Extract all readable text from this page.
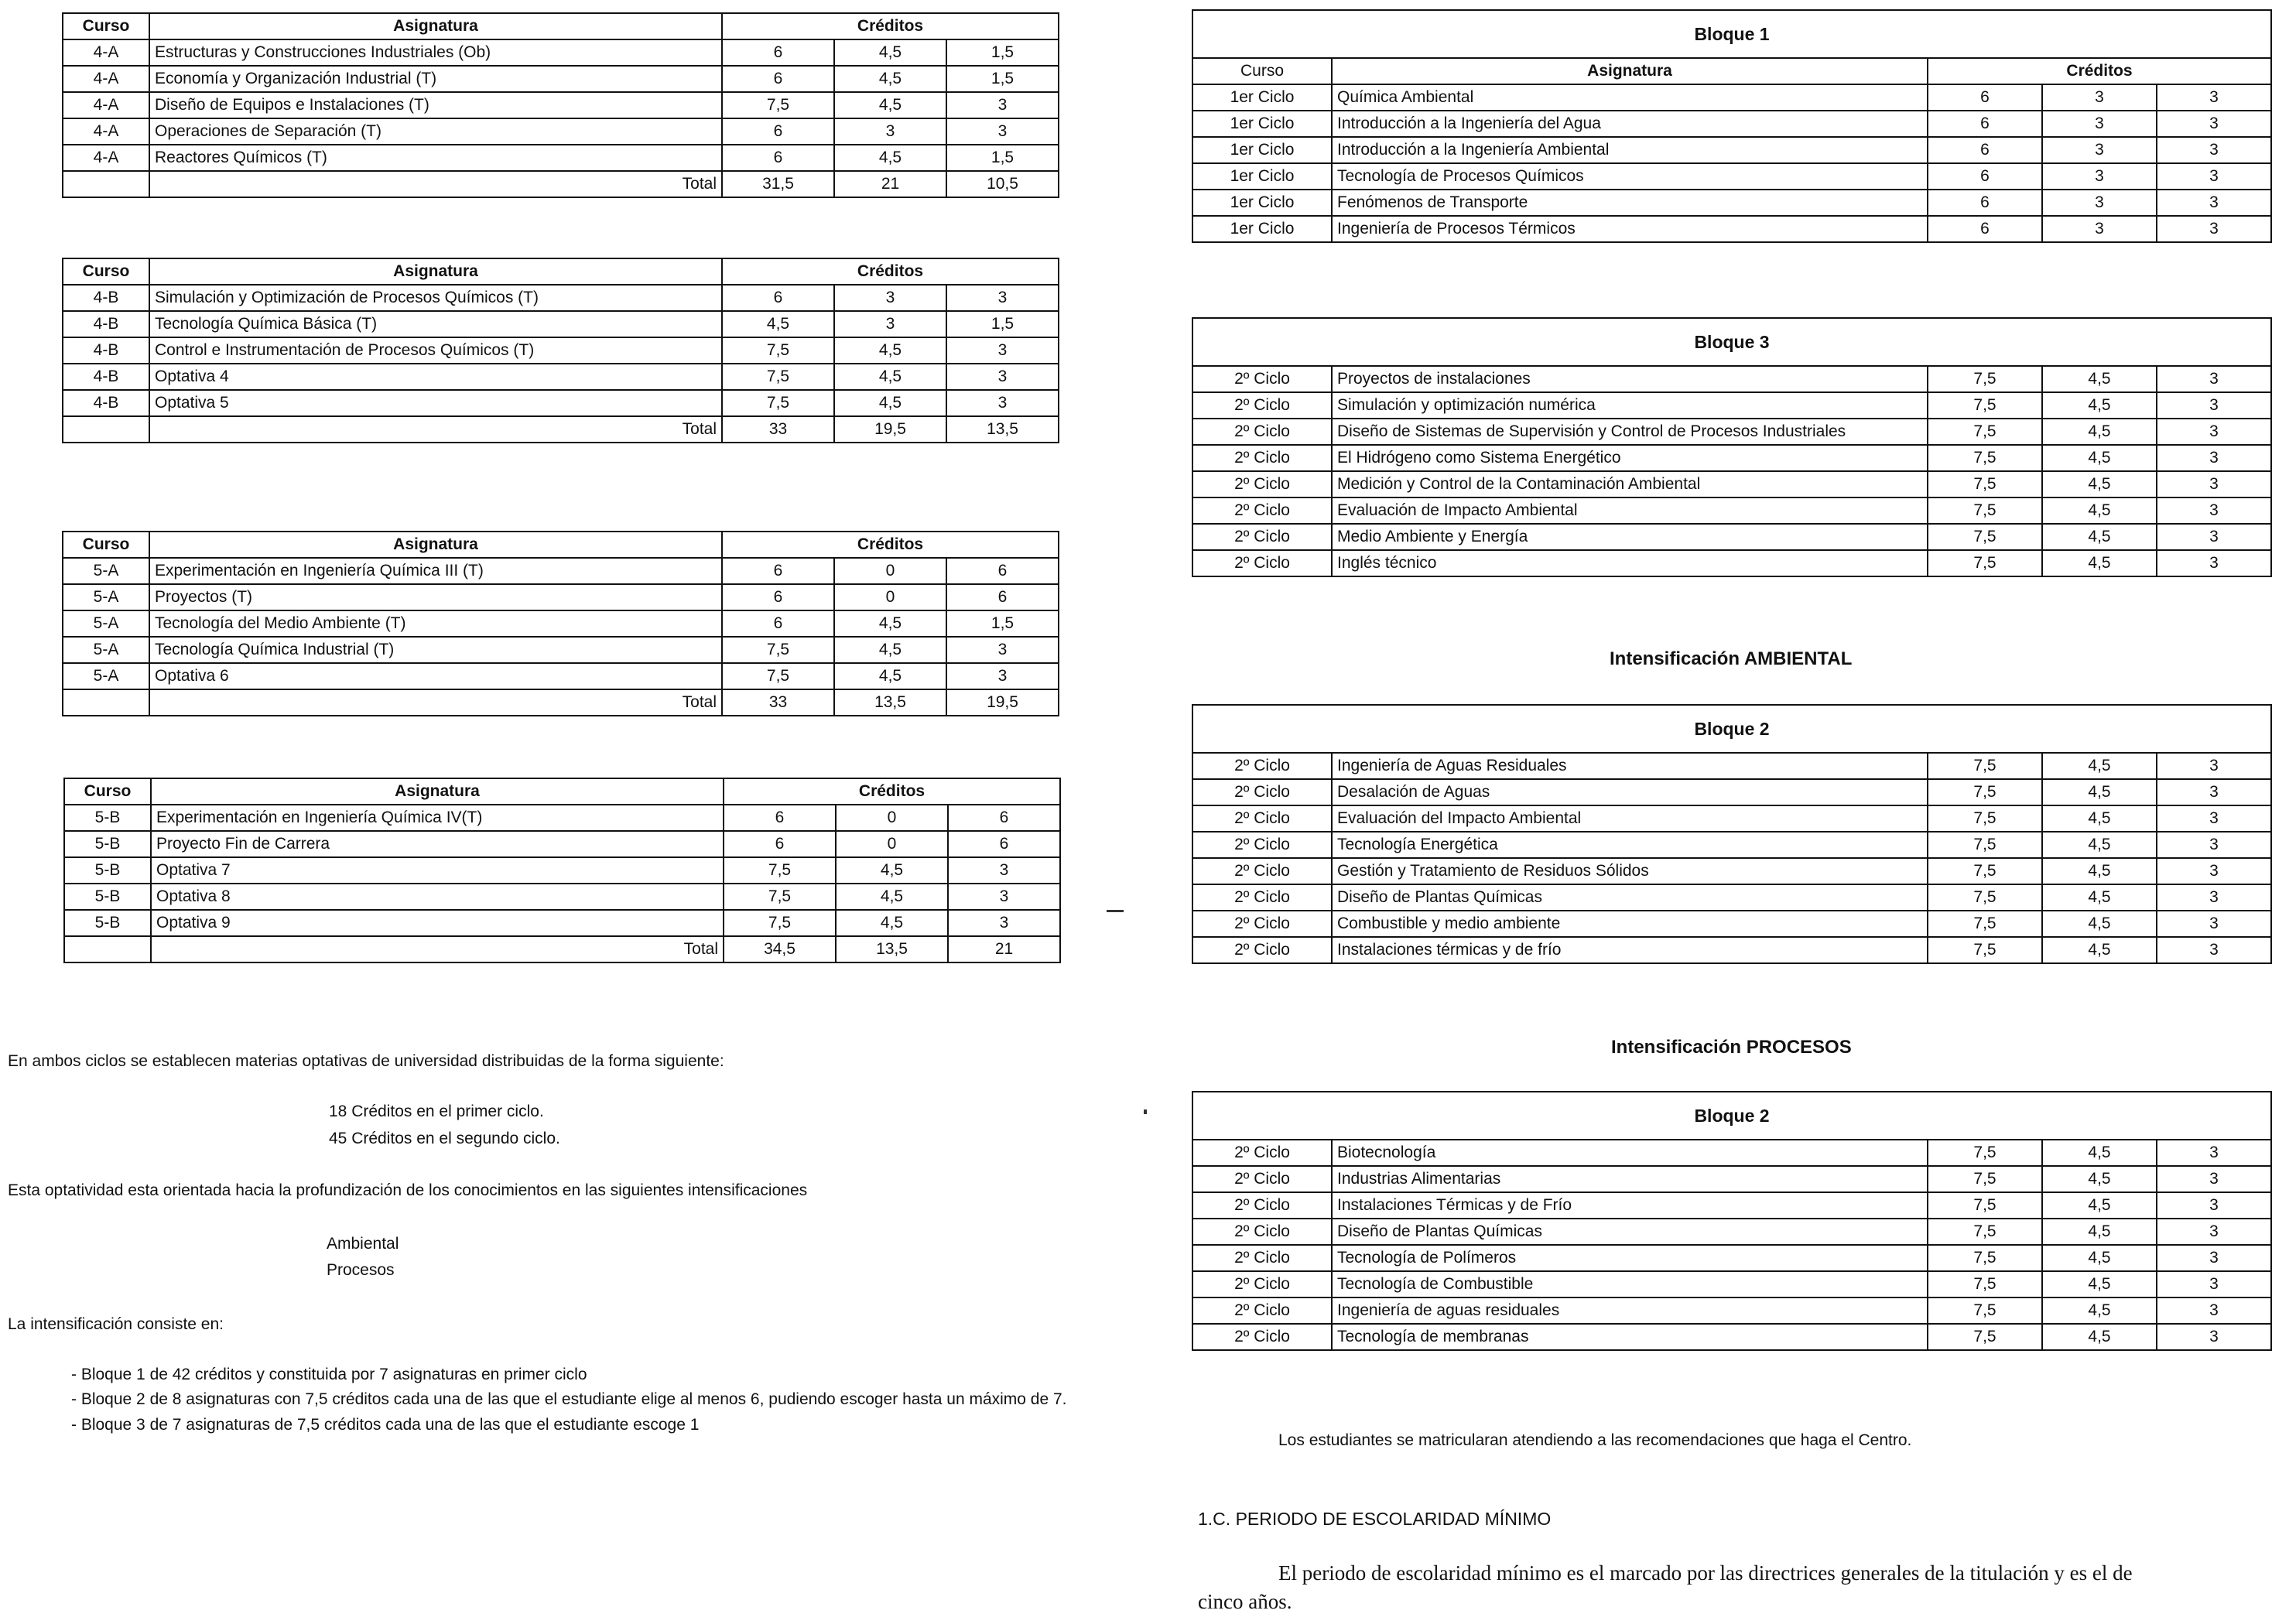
Curso	Asignatura	Créditos		
4-A	Estructuras y Construcciones Industriales (Ob)	6	4,5	1,5
4-A	Economía y Organización Industrial (T)	6	4,5	1,5
4-A	Diseño de Equipos e Instalaciones (T)	7,5	4,5	3
4-A	Operaciones de Separación (T)	6	3	3
4-A	Reactores Químicos (T)	6	4,5	1,5
	Total	31,5	21	10,5
Curso	Asignatura	Créditos		
4-B	Simulación y Optimización de Procesos Químicos (T)	6	3	3
4-B	Tecnología Química Básica (T)	4,5	3	1,5
4-B	Control e Instrumentación de Procesos Químicos (T)	7,5	4,5	3
4-B	Optativa 4	7,5	4,5	3
4-B	Optativa 5	7,5	4,5	3
	Total	33	19,5	13,5
Curso	Asignatura	Créditos		
5-A	Experimentación en Ingeniería Química III (T)	6	0	6
5-A	Proyectos (T)	6	0	6
5-A	Tecnología del Medio Ambiente (T)	6	4,5	1,5
5-A	Tecnología Química Industrial (T)	7,5	4,5	3
5-A	Optativa 6	7,5	4,5	3
	Total	33	13,5	19,5
Curso	Asignatura	Créditos		
5-B	Experimentación en Ingeniería Química IV(T)	6	0	6
5-B	Proyecto Fin de Carrera	6	0	6
5-B	Optativa 7	7,5	4,5	3
5-B	Optativa 8	7,5	4,5	3
5-B	Optativa 9	7,5	4,5	3
	Total	34,5	13,5	21
Bloque 1				
Curso	Asignatura	Créditos		
1er Ciclo	Química Ambiental	6	3	3
1er Ciclo	Introducción a la Ingeniería del Agua	6	3	3
1er Ciclo	Introducción a la Ingeniería Ambiental	6	3	3
1er Ciclo	Tecnología de Procesos Químicos	6	3	3
1er Ciclo	Fenómenos de Transporte	6	3	3
1er Ciclo	Ingeniería de Procesos Térmicos	6	3	3
Bloque 3				
2º Ciclo	Proyectos de instalaciones	7,5	4,5	3
2º Ciclo	Simulación y optimización numérica	7,5	4,5	3
2º Ciclo	Diseño de Sistemas de Supervisión y Control de Procesos Industriales	7,5	4,5	3
2º Ciclo	El Hidrógeno como Sistema Energético	7,5	4,5	3
2º Ciclo	Medición y Control de la Contaminación Ambiental	7,5	4,5	3
2º Ciclo	Evaluación de Impacto Ambiental	7,5	4,5	3
2º Ciclo	Medio Ambiente y Energía	7,5	4,5	3
2º Ciclo	Inglés técnico	7,5	4,5	3
Bloque 2				
2º Ciclo	Ingeniería de Aguas Residuales	7,5	4,5	3
2º Ciclo	Desalación de Aguas	7,5	4,5	3
2º Ciclo	Evaluación del Impacto Ambiental	7,5	4,5	3
2º Ciclo	Tecnología Energética	7,5	4,5	3
2º Ciclo	Gestión y Tratamiento de Residuos Sólidos	7,5	4,5	3
2º Ciclo	Diseño de Plantas Químicas	7,5	4,5	3
2º Ciclo	Combustible y medio ambiente	7,5	4,5	3
2º Ciclo	Instalaciones térmicas y de frío	7,5	4,5	3
Bloque 2				
2º Ciclo	Biotecnología	7,5	4,5	3
2º Ciclo	Industrias Alimentarias	7,5	4,5	3
2º Ciclo	Instalaciones Térmicas y de Frío	7,5	4,5	3
2º Ciclo	Diseño de Plantas Químicas	7,5	4,5	3
2º Ciclo	Tecnología de Polímeros	7,5	4,5	3
2º Ciclo	Tecnología de Combustible	7,5	4,5	3
2º Ciclo	Ingeniería de aguas residuales	7,5	4,5	3
2º Ciclo	Tecnología de membranas	7,5	4,5	3
Intensificación AMBIENTAL
Intensificación PROCESOS
En ambos ciclos se establecen materias optativas de universidad distribuidas de la forma siguiente:
18 Créditos en el primer ciclo.
45 Créditos en el segundo ciclo.
Esta optatividad esta orientada hacia la profundización de los conocimientos en las siguientes intensificaciones
Ambiental
Procesos
La intensificación consiste en:
- Bloque 1 de 42 créditos y constituida por 7 asignaturas en primer ciclo
- Bloque 2 de 8 asignaturas con 7,5 créditos cada una de las que el estudiante elige al menos 6, pudiendo escoger hasta un máximo de 7.
- Bloque 3 de 7 asignaturas de 7,5 créditos cada una de las que el estudiante escoge 1
Los estudiantes se matricularan atendiendo a las recomendaciones que haga el Centro.
1.C. PERIODO DE ESCOLARIDAD MÍNIMO
El periodo de escolaridad mínimo es el marcado por las directrices generales de la titulación y es el de
cinco años.
